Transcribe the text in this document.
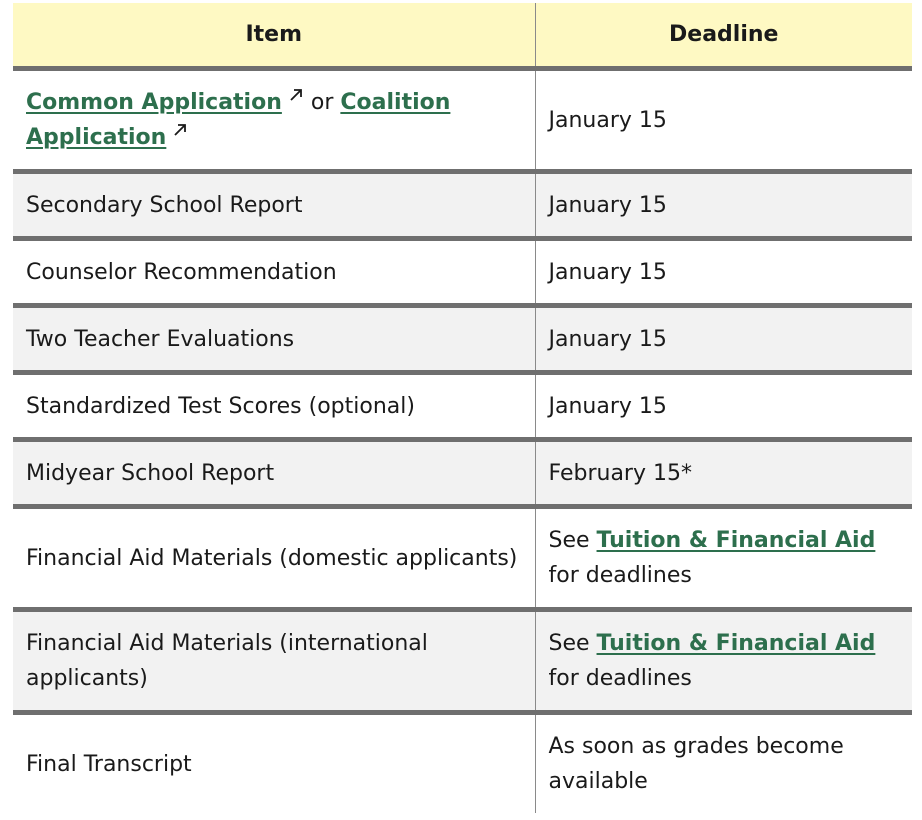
Item	Deadline
Common Application or Coalition
Application	January 15
Secondary School Report	January 15
Counselor Recommendation	January 15
Two Teacher Evaluations	January 15
Standardized Test Scores (optional)	January 15
Midyear School Report	February 15*
Financial Aid Materials (domestic applicants)	See Tuition & Financial Aid for deadlines
Financial Aid Materials (international applicants)	See Tuition & Financial Aid for deadlines
Final Transcript	As soon as grades become available
